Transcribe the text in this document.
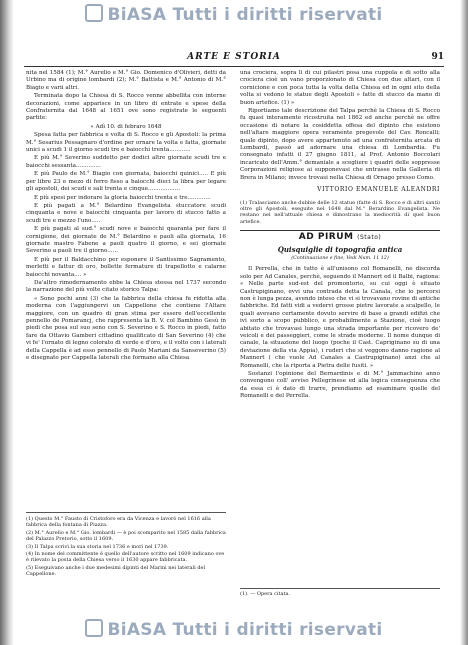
BiASA Tutti i diritti riservati
ARTE E STORIA	91

nita nel 1584 (1); M.° Aurelio e M.° Gio. Domenico d'Olivieri, detti da Urbino ma di origine lombardi (2); M.° Battista e M.° Antonio di M.° Biagio e varii altri.

Terminata dopo la Chiesa di S. Rocco venne abbellita con interne decorazioni, come appariscе in un libro di entrate e spese della Confraternita dal 1648 al 1651 ove sono registrate le seguenti partite:

« Adì 10. di febraro 1648

Spesa fatta per fabbrica e volta di S. Rocco e gli Apostoli: la prima M.° Sesarius Pessagnaro d'ordine per ornare la volta e fatta, giornate unici a scudi 1 il giorno scudi tre e baiocchi trenta............

E più M.° Severino suddetto per dodici altre giornate scudi tre e baiocchi sessanta..............

E più Paulo de M.° Biagio con giornata, baiocchi quinici..... E più per libre 23 e mezo di ferro fisso a baiocchi dieci la libra per legare gli apostoli, dei scudi e sali trenta e cinque..................

E più spesi per indorare la gloria baiocchi trenta e tre.............

E più pagati a M.° Belardino Evangelista stuccatore scudi cinquanta e nove e baiocchi cinquanta per lavoro di stucco fatto a scudi tre e mezzo l'uno.....

E più pagati al sud.° scudi nove e baiocchi quaranta per fare il cornigione, dei giornate de M.° Belardino e paoli alla giornata, 16 giornate mastro Fabene a paoli quatro il giorno, e sei giornate Severino a paoli tre il giorno......

E più per il Baldacchino per esponere il Santissimo Sagramento, merletti e fattur di oro, bollette fermature di trapellotto e calarne baiocchi novanta.... »

Da'altro rimodernamento ebbe la Chiesa stessa nel 1737 secondo la narrazione del più volte citato storico Talpa:

« Sono pochi anni (3) che la fabbrica della chiesa fu ridotta alla moderna con l'aggiungervi un Cappellone che contiene l'Altare maggiore, con un quadro di gran stima per essere dell'eccellente pennello de Pomarancj, che rappresenta la B. V. col Bambino Gesù in piedi che posa sul suo seno con S. Severino e S. Rocco in piedi, fatto fare da Ottavio Gamberi cittadino qualificato di San Severino (4) che vi fe' l'ornato di legno colorato di verde e d'oro, e il volto con i laterali della Cappella è ad esso pennello di Paolo Mariani da Sanseverino (5) e disegnato per Cappella laterali che formano alla Chiesa

(1) Questo M.° Fausto di Cristoforo era da Vicenza e lavorò nel 1616 alla fabbrica della fontana di Piazza.

(2) M.° Aurelio e M.° Gio. lombardi — è poi scomparito nel 1585 dalla fabbrica del Palazzo Pretorio, sotto il 1609.

(3) Il Talpa scrivì la sua storia nel 1736 e morì nel 1739.

(4) In nome del committente è quello dell'autore scritto nel 1609 indicano ove è rilevato la posta della Chiesa verso il 1630 appare fabbricata.

(5) Eseguivano anche i due medesimi dipinti del Marini nei laterali del Cappellone.

una crociera, sopra li di cui pilastri posa una cuppola e di sotto alla crociera cioè un vano proporzionato di Chiesa con due altari, con il cornicione e con poca tutta la volta della Chiesa ed in ogni sito della volta si vedono le statue degli Apostoli » fatte di stucco da mano di buon artefice. (1) »

Riportiamo tale descrizione del Talpa perchè la Chiesa di S. Rocco fu quasi interamente ricostruita nel 1862 ed anche perchè ne offre occasione di notare la cosiddetta offesa del dipinto che esistono nell'altare maggiore opera veramente pregevole del Cav. Roncalli; quale dipinto, dopo avere appartenuto ad una confraternita arcata di Lombardi, passò ad adornare una chiesa di Lombardia. Fu consegnato infatti il 27 giugno 1811, al Prof. Antonio Boccolari incaricato dell'Amm.° demaniale a scegliere i quadri delle soppresse Corporazioni religiose ai supponevasi che entrasse nella Galleria di Brera in Milano; invece trovasi nella Chiesa di Ornago presso Como.

VITTORIO EMANUELE ALEANDRI
(1) Tralasciamo anche dubbie delle 12 statue (fatte di S. Rocco e di altri santi) oltre gli Apostoli, eseguite nel 1648 dal M.° Berardino Evangelista. Ne restano nel nell'attuale chiesa e dimostrano la mediocrità di quel buon artefice.
AD PIRUM (Stato)
Quisquiglie di topografia antica
(Continuazione e fine, Vedi Num. 11 12)

Il Perrella, che in tutto è all'unisono col Romanelli, ne discorda solo per Ad Canales, perchè, seguendo il Mannert ed il Balbi, ragiona: « Nelle parte sud-est del promontorio, su cui oggi è situato Castrupiginano, evvi una contrada detta la Canala, che io percorsi non è lunga pezza, avendo inteso che vi si trovavano rovine di antiche fabbriche. Ed fatti vidi a vedervi grosse pietre lavorate a scalpello, le quali avevano certamente dovuto servire di base a grandi edifizi che ivi sorto a scopo pubblico, e probabilmente a Stazione, cioè luogo abitato che trovavasi lungo una strada importante per ricovero de' veicoli e dei passeggieri, come le strade moderne. Il nome dunque di canale, la situazione del luogo (poche il Cast. Capriginano su di una deviazione della via Appia), i ruderi che si veggono danno ragione al Mannert ( che vuole Ad Canales a Castrupiginano) anzi che al Romanelli, che la riporta a Pietra delle fusiti. »

Sostanzi l'opinione del Bernardinis e di M.° Jammachino anno convengono coll' avviso Pellegrinese ed alla logica conseguenza che da essa ci è dato di trarre, prendiamo ad esaminare quelle del Romanelli e del Perrella.

(1). — Opera citata.
BiASA Tutti i diritti riservati
